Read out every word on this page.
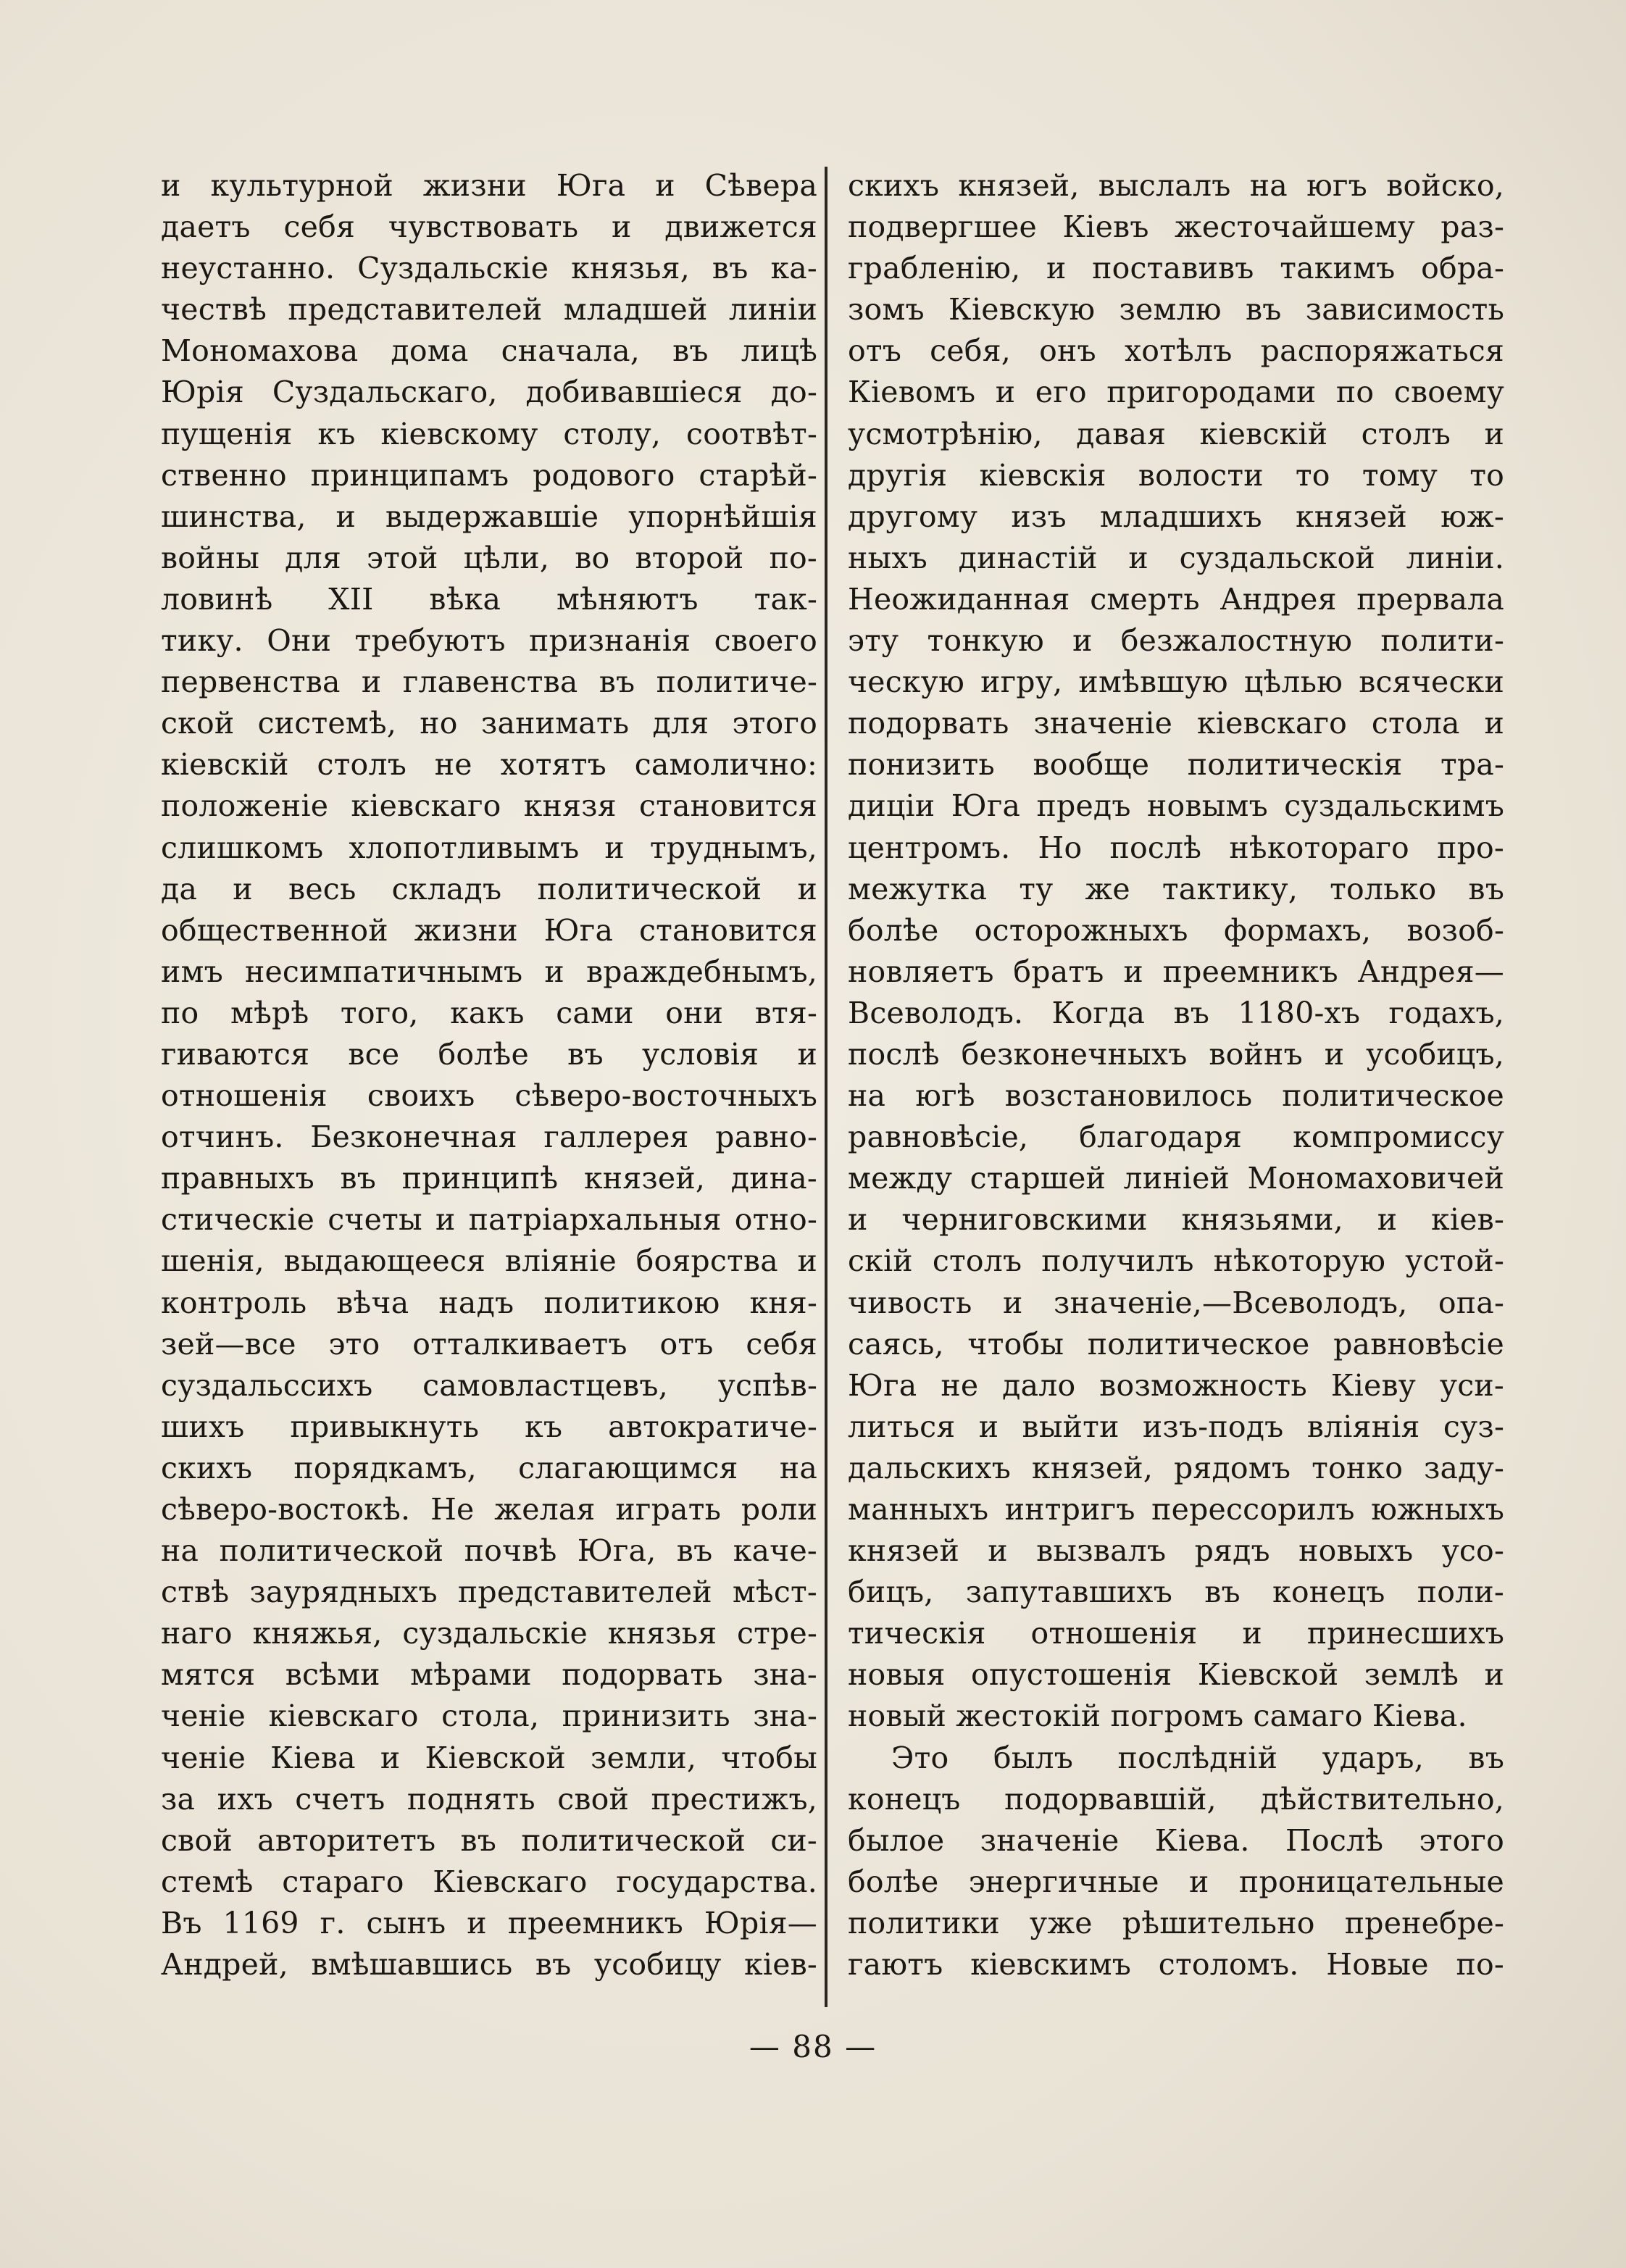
и культурной жизни Юга и Сѣвера
даетъ себя чувствовать и движется
неустанно. Суздальскіе князья, въ ка-
чествѣ представителей младшей линіи
Мономахова дома сначала, въ лицѣ
Юрія Суздальскаго, добивавшіеся до-
пущенія къ кіевскому столу, соотвѣт-
ственно принципамъ родового старѣй-
шинства, и выдержавшіе упорнѣйшія
войны для этой цѣли, во второй по-
ловинѣ XII вѣка мѣняютъ так-
тику. Они требуютъ признанія своего
первенства и главенства въ политиче-
ской системѣ, но занимать для этого
кіевскій столъ не хотятъ самолично:
положеніе кіевскаго князя становится
слишкомъ хлопотливымъ и труднымъ,
да и весь складъ политической и
общественной жизни Юга становится
имъ несимпатичнымъ и враждебнымъ,
по мѣрѣ того, какъ сами они втя-
гиваются все болѣе въ условія и
отношенія своихъ сѣверо-восточныхъ
отчинъ. Безконечная галлерея равно-
правныхъ въ принципѣ князей, дина-
стическіе счеты и патріархальныя отно-
шенія, выдающееся вліяніе боярства и
контроль вѣча надъ политикою кня-
зей—все это отталкиваетъ отъ себя
суздальссихъ самовластцевъ, успѣв-
шихъ привыкнуть къ автократиче-
скихъ порядкамъ, слагающимся на
сѣверо-востокѣ. Не желая играть роли
на политической почвѣ Юга, въ каче-
ствѣ заурядныхъ представителей мѣст-
наго княжья, суздальскіе князья стре-
мятся всѣми мѣрами подорвать зна-
ченіе кіевскаго стола, принизить зна-
ченіе Кіева и Кіевской земли, чтобы
за ихъ счетъ поднять свой престижъ,
свой авторитетъ въ политической си-
стемѣ стараго Кіевскаго государства.
Въ 1169 г. сынъ и преемникъ Юрія—
Андрей, вмѣшавшись въ усобицу кіев-
скихъ князей, выслалъ на югъ войско,
подвергшее Кіевъ жесточайшему раз-
грабленію, и поставивъ такимъ обра-
зомъ Кіевскую землю въ зависимость
отъ себя, онъ хотѣлъ распоряжаться
Кіевомъ и его пригородами по своему
усмотрѣнію, давая кіевскій столъ и
другія кіевскія волости то тому то
другому изъ младшихъ князей юж-
ныхъ династій и суздальской линіи.
Неожиданная смерть Андрея прервала
эту тонкую и безжалостную полити-
ческую игру, имѣвшую цѣлью всячески
подорвать значеніе кіевскаго стола и
понизить вообще политическія тра-
диціи Юга предъ новымъ суздальскимъ
центромъ. Но послѣ нѣкотораго про-
межутка ту же тактику, только въ
болѣе осторожныхъ формахъ, возоб-
новляетъ братъ и преемникъ Андрея—
Всеволодъ. Когда въ 1180-хъ годахъ,
послѣ безконечныхъ войнъ и усобицъ,
на югѣ возстановилось политическое
равновѣсіе, благодаря компромиссу
между старшей линіей Мономаховичей
и черниговскими князьями, и кіев-
скій столъ получилъ нѣкоторую устой-
чивость и значеніе,—Всеволодъ, опа-
саясь, чтобы политическое равновѣсіе
Юга не дало возможность Кіеву уси-
литься и выйти изъ-подъ вліянія суз-
дальскихъ князей, рядомъ тонко заду-
манныхъ интригъ перессорилъ южныхъ
князей и вызвалъ рядъ новыхъ усо-
бицъ, запутавшихъ въ конецъ поли-
тическія отношенія и принесшихъ
новыя опустошенія Кіевской землѣ и
новый жестокій погромъ самаго Кіева.
Это былъ послѣдній ударъ, въ
конецъ подорвавшій, дѣйствительно,
былое значеніе Кіева. Послѣ этого
болѣе энергичные и проницательные
политики уже рѣшительно пренебре-
гаютъ кіевскимъ столомъ. Новые по-
— 88 —
